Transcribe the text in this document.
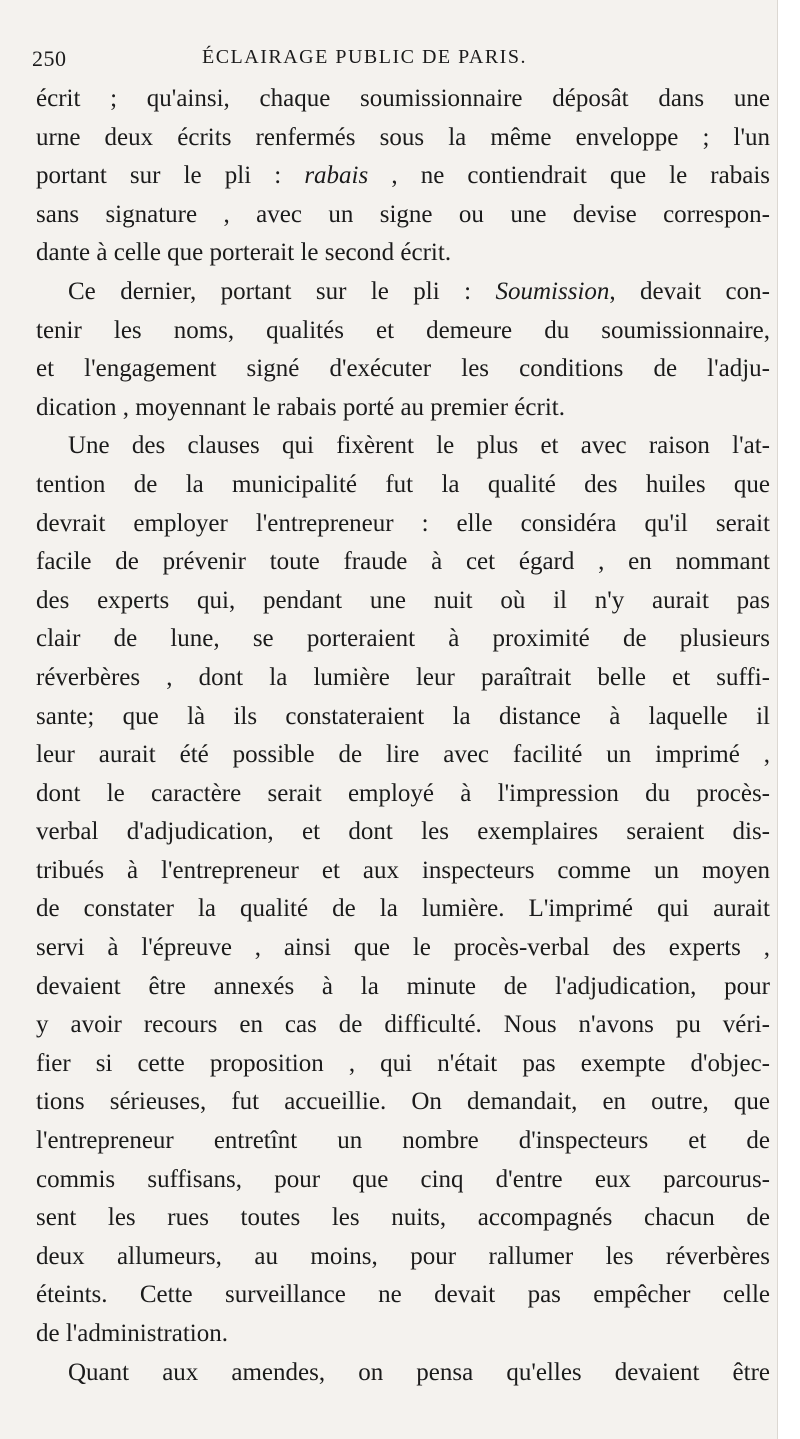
250	ÉCLAIRAGE PUBLIC DE PARIS.
écrit ; qu'ainsi, chaque soumissionnaire déposât dans une
urne deux écrits renfermés sous la même enveloppe ; l'un
portant sur le pli : rabais , ne contiendrait que le rabais
sans signature , avec un signe ou une devise correspon-
dante à celle que porterait le second écrit.
Ce dernier, portant sur le pli : Soumission, devait con-
tenir les noms, qualités et demeure du soumissionnaire,
et l'engagement signé d'exécuter les conditions de l'adju-
dication , moyennant le rabais porté au premier écrit.
Une des clauses qui fixèrent le plus et avec raison l'at-
tention de la municipalité fut la qualité des huiles que
devrait employer l'entrepreneur : elle considéra qu'il serait
facile de prévenir toute fraude à cet égard , en nommant
des experts qui, pendant une nuit où il n'y aurait pas
clair de lune, se porteraient à proximité de plusieurs
réverbères , dont la lumière leur paraîtrait belle et suffi-
sante; que là ils constateraient la distance à laquelle il
leur aurait été possible de lire avec facilité un imprimé ,
dont le caractère serait employé à l'impression du procès-
verbal d'adjudication, et dont les exemplaires seraient dis-
tribués à l'entrepreneur et aux inspecteurs comme un moyen
de constater la qualité de la lumière. L'imprimé qui aurait
servi à l'épreuve , ainsi que le procès-verbal des experts ,
devaient être annexés à la minute de l'adjudication, pour
y avoir recours en cas de difficulté. Nous n'avons pu véri-
fier si cette proposition , qui n'était pas exempte d'objec-
tions sérieuses, fut accueillie. On demandait, en outre, que
l'entrepreneur entretînt un nombre d'inspecteurs et de
commis suffisans, pour que cinq d'entre eux parcourus-
sent les rues toutes les nuits, accompagnés chacun de
deux allumeurs, au moins, pour rallumer les réverbères
éteints. Cette surveillance ne devait pas empêcher celle
de l'administration.
Quant aux amendes, on pensa qu'elles devaient être
